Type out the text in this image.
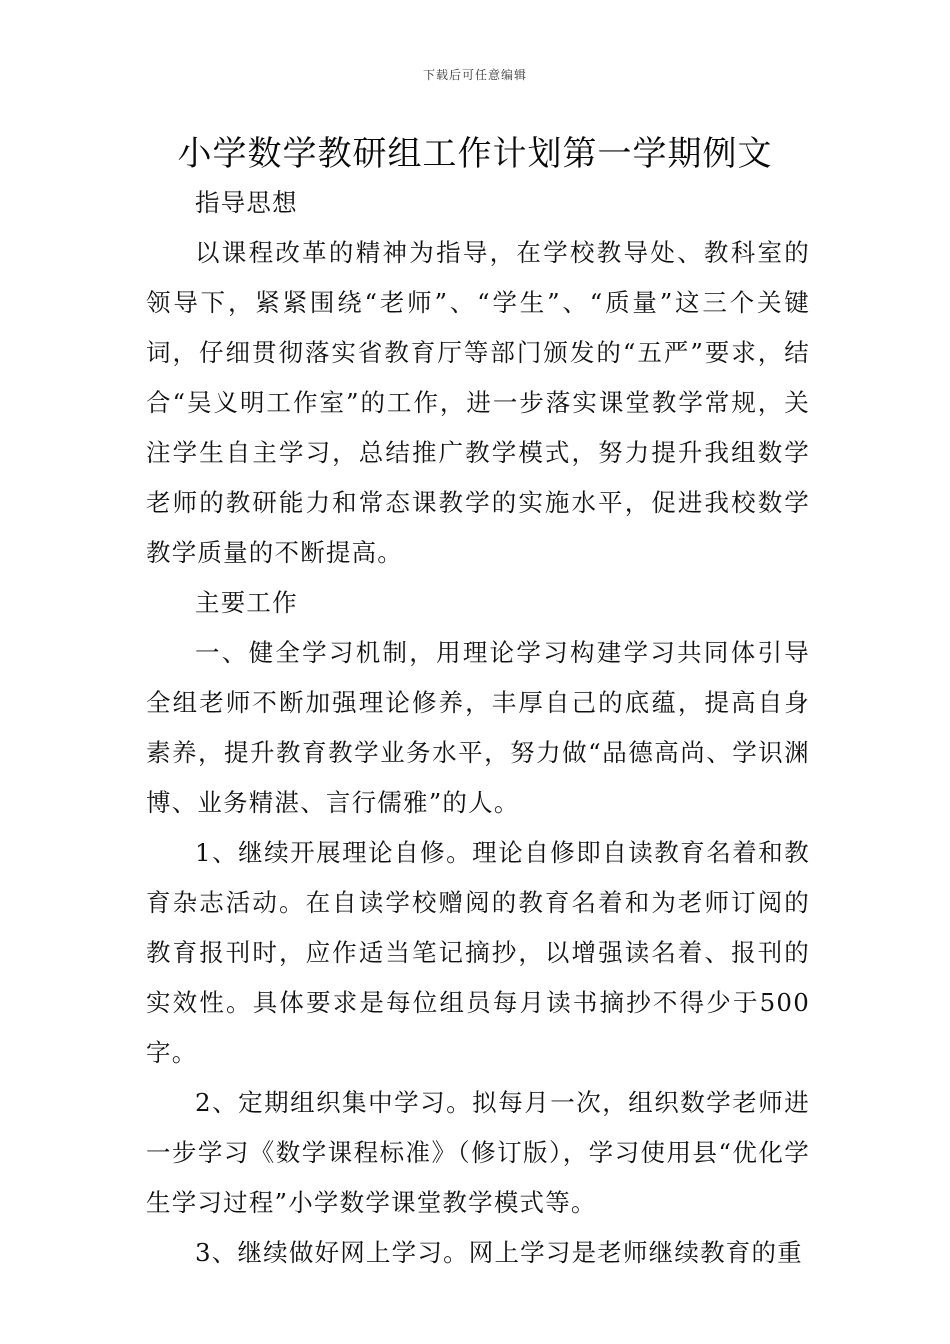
下载后可任意编辑
小学数学教研组工作计划第一学期例文

指导思想

以课程改革的精神为指导，在学校教导处、教科室的领导下，紧紧围绕“老师”、“学生”、“质量”这三个关键词，仔细贯彻落实省教育厅等部门颁发的“五严”要求，结合“吴义明工作室”的工作，进一步落实课堂教学常规，关注学生自主学习，总结推广教学模式，努力提升我组数学老师的教研能力和常态课教学的实施水平，促进我校数学教学质量的不断提高。

主要工作

一、健全学习机制，用理论学习构建学习共同体引导全组老师不断加强理论修养，丰厚自己的底蕴，提高自身素养，提升教育教学业务水平，努力做“品德高尚、学识渊博、业务精湛、言行儒雅”的人。

1、继续开展理论自修。理论自修即自读教育名着和教育杂志活动。在自读学校赠阅的教育名着和为老师订阅的教育报刊时，应作适当笔记摘抄，以增强读名着、报刊的实效性。具体要求是每位组员每月读书摘抄不得少于500字。

2、定期组织集中学习。拟每月一次，组织数学老师进一步学习《数学课程标准》（修订版），学习使用县“优化学生学习过程”小学数学课堂教学模式等。

3、继续做好网上学习。网上学习是老师继续教育的重
